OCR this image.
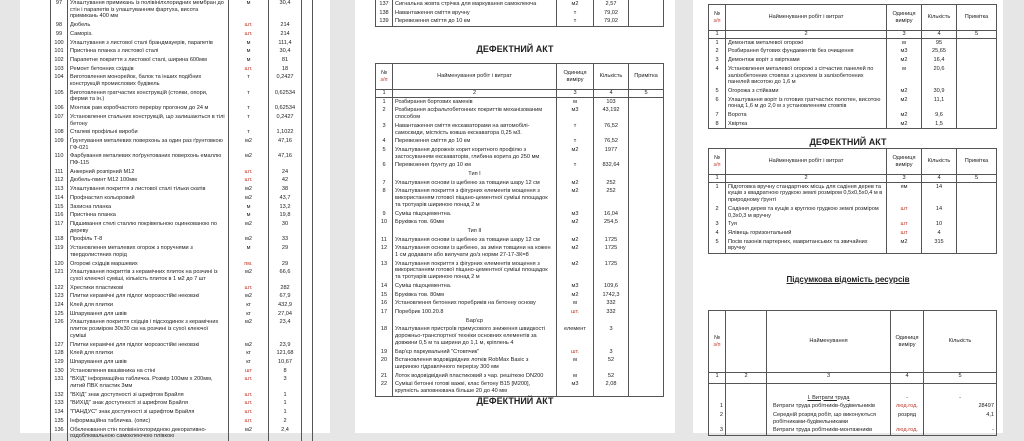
97	Улаштування примикань із полівінілхлоридних мембран до стін і парапетів із улаштуванням фартуха, висота примикань 400 мм	м	30,4	
98	Дюбель	шт.	214	
99	Саморіз.	шт.	214	
100	Улаштування з листової сталі брандмауерів, парапетів	м	111,4	
101	Пристінна планка з листової сталі	м	30,4	
102	Парапетне покриття з листової сталі, ширина 600мм	м	81	
103	Ремонт бетонних східців	шт.	18	
104	Виготовлення монорейок, балок та інших подібних конструкцій промислових будівель	т	0,2427	
105	Виготовлення гратчастих конструкцій (стояки, опори, ферми та ін.)	т	0,62534	
106	Монтаж рам коробчастого перерізу прогоном до 24 м	т	0,62534	
107	Установлення стальних конструкцій, що залишаються в тілі бетону	т	0,2427	
108	Сталеві профільні вироби	т	1,1022	
109	Ґрунтування металевих поверхонь за один раз ґрунтовкою ГФ-021	м2	47,16	
110	Фарбування металевих поґрунтованих поверхонь емаллю ПФ-115	м2	47,16	
111	Анкерний розпірний М12	шт.	24	
112	Дюбель-гвинт М12 100мм	шт.	42	
113	Улаштування покриття з листової сталі тільки скатів	м2	38	
114	Профнастил кольоровий	м2	43,7	
115	Захисна планка	м	13,2	
116	Пристінна планка	м	19,8	
117	Підшивання стелі сталлю покрівельною оцинкованою по дереву	м2	30	
118	Профіль Т-8	м2	33	
119	Установлення металевих огорож з поручнями з твердолистяних порід	м	29	
120	Огорожі східців маршевих	пм.	29	
121	Улаштування покриттів з керамічних плиток на розчині із сухої клеючої суміші, кількість плиток в 1 м2 до 7 шт	м2	66,6	
122	Хрестики пластикові	шт.	282	
123	Плитки керамічні для підлог морозостійкі нековзкі	м2	67,9	
124	Клей для плитки	кг	432,9	
125	Шпарування для швів	кг	27,04	
126	Улаштування покриття східців і підсходинок з керамічних плиток розміром 30х30 см на розчині із сухої клеючої суміші	м2	23,4	
127	Плитки керамічні для підлог морозостійкі нековзкі	м2	23,9	
128	Клей для плитки	кг	121,68	
129	Шпарування для швів	кг	10,67	
130	Установлення вказівника на стіні	шт	8	
131	"ВХІД" інформаційна табличка. Розмір 100мм х 200мм, литий ПВХ пластик 3мм	шт.	3	
132	"ВХІД" знак доступності зі шрифтом Брайля	шт.	1	
133	"ВИХІД" знак доступності зі шрифтом Брайля	шт.	1	
134	"ПАНДУС" знак доступності зі шрифтом Брайля	шт.	1	
135	Інформаційна табличка. (опис)	шт.	2	
136	Обклеювання стін полівінілхлоридною декоративно-оздоблювальною самоклеючою плівкою	м2	2,4	
137	Сигнальна жовта стрічка для маркування самоклеюча	м2	2,57	
138	Навантаження сміття вручну	т	79,02	
139	Перевезення сміття до 10 км	т	79,02	
ДЕФЕКТНИЙ АКТ
№
з/п	Найменування робіт і витрат	Одиниця виміру	Кількість	Примітка
1	2	3	4	5
1	Розбирання бортових каменів	м	103	
2	Розбирання асфальтобетонних покриттів механізованим способом	м3	43,192	
3	Навантаження сміття екскаваторами на автомобілі-самоскиди, місткість ковша екскаватора 0,25 м3.	т	76,52	
4	Перевезення сміття до 10 км	т	76,52	
5	Улаштування дорожніх корит коритного профілю з застосуванням екскаваторів, глибина корита до 250 мм	м2	1977	
6	Перевезення ґрунту до 10 км	т	832,64	
	Тип І			
7	Улаштування основи із щебеню за товщини шару 12 см	м2	252	
8	Улаштування покриття з фігурних елементів мощення з використанням готової піщано-цементної суміші площадок та тротуарів шириною понад 2 м	м2	252	
9	Суміш піщоцементна.	м3	16,04	
10	Бруківка тов. 60мм	м2	254,5	
	Тип ІІ			
11	Улаштування основи із щебеню за товщини шару 12 см	м2	1725	
12	Улаштування основи із щебеню, за зміни товщини на кожен 1 см додавати або вилучати до/з норми 27-17-3К=8	м2	1725	
13	Улаштування покриття з фігурних елементів мощення з використанням готової піщано-цементної суміші площадок та тротуарів шириною понад 2 м	м2	1725	
14	Суміш піщоцементна.	м3	109,6	
15	Бруківка тов. 80мм	м2	1742,3	
16	Установлення бетонних поребриків на бетонну основу	м	332	
17	Поребрик 100.20.8	шт.	332	
	Бар'єр			
18	Улаштування пристроїв примусового зниження швидкості дорожньо-транспортної техніки основних елементів за довжини 0,5 м та ширини до 1,1 м, кріплень 4	елемент	3	
19	Бар'єр паркувальний "Стовпчик"	шт.	3	
20	Встановлення водовідвідних лотків RobMax Basic з шириною гідравлічного перерізу 300 мм	м	52	
21	Лоток водовідвідний пластиковий з чар. решіткою DN200	м	52	
22	Суміші бетонні готові важкі, клас бетону В15 [М200], крупність заповнювача більше 20 до 40 мм	м3	2,08	
ДЕФЕКТНИЙ АКТ
№
з/п	Найменування робіт і витрат	Одиниця виміру	Кількість	Примітка
1	2	3	4	5
1	Демонтаж металевої огорожі	м	95	
2	Розбирання бутових фундаментів без очищення	м3	25,65	
3	Демонтаж воріт з хвіртками	м2	16,4	
4	Установлення металевої огорожі з сітчастих панелей по залізобетонних стовпах з цоколем із залізобетонних панелей висотою до 1,6 м	м	20,6	
5	Огорожа з стійками	м2	30,9	
6	Улаштування воріт із готових гратчастих полотен, висотою понад 1,6 м до 2,0 м з установленням стовпів	м2	11,1	
7	Ворота	м2	9,6	
8	Хвіртка	м2	1,5	
ДЕФЕКТНИЙ АКТ
№
з/п	Найменування робіт і витрат	Одиниця виміру	Кількість	Примітка
1	2	3	4	5
1	Підготовка вручну стандартних місць для садіння дерев та кущів з квадратною грудкою землі розміром 0,5х0,5х0,4 м в природному ґрунті	ям	14	
2	Садіння дерев та кущів з круглою грудкою землі розміром 0,3х0,3 м вручну	шт	14	
3	Туя	шт	10	
4	Ялівець горизонтальний	шт	4	
5	Посів газонів партерних, мавританських та звичайних вручну	м2	315	
Підсумкова відомість ресурсів
№
з/п		Найменування	Одиниця виміру	Кількість
1	2	3	4	5

		І. Витрати труда	-	-
1		Витрати труда робітників-будівельників	люд.год.	28497
2		Середній розряд робіт, що виконуються робітниками-будівельниками	розряд	4,1
3		Витрати труда робітників-монтажників	люд.год.	-
